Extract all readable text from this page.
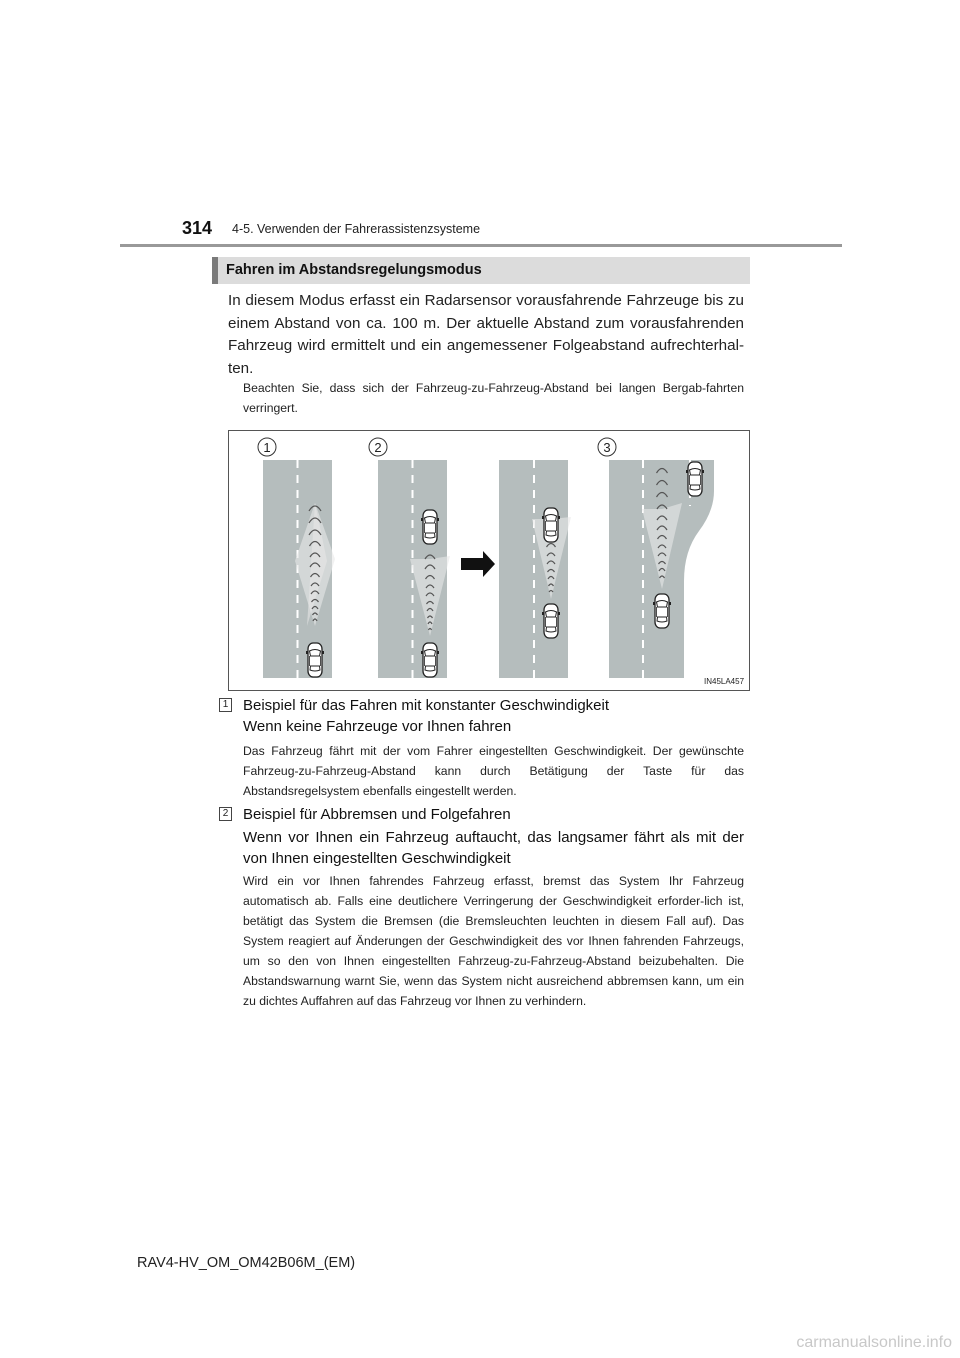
314 4-5. Verwenden der Fahrerassistenzsysteme
Fahren im Abstandsregelungsmodus
In diesem Modus erfasst ein Radarsensor vorausfahrende Fahrzeuge bis zu einem Abstand von ca. 100 m. Der aktuelle Abstand zum vorausfahrenden Fahrzeug wird ermittelt und ein angemessener Folgeabstand aufrechterhal-ten.
Beachten Sie, dass sich der Fahrzeug-zu-Fahrzeug-Abstand bei langen Bergab-fahrten verringert.
1	2	3
IN45LA457
1 Beispiel für das Fahren mit konstanter Geschwindigkeit
Wenn keine Fahrzeuge vor Ihnen fahren
Das Fahrzeug fährt mit der vom Fahrer eingestellten Geschwindigkeit. Der gewünschte Fahrzeug-zu-Fahrzeug-Abstand kann durch Betätigung der Taste für das Abstandsregelsystem ebenfalls eingestellt werden.
2 Beispiel für Abbremsen und Folgefahren
Wenn vor Ihnen ein Fahrzeug auftaucht, das langsamer fährt als mit der von Ihnen eingestellten Geschwindigkeit
Wird ein vor Ihnen fahrendes Fahrzeug erfasst, bremst das System Ihr Fahrzeug automatisch ab. Falls eine deutlichere Verringerung der Geschwindigkeit erforder-lich ist, betätigt das System die Bremsen (die Bremsleuchten leuchten in diesem Fall auf). Das System reagiert auf Änderungen der Geschwindigkeit des vor Ihnen fahrenden Fahrzeugs, um so den von Ihnen eingestellten Fahrzeug-zu-Fahrzeug-Abstand beizubehalten. Die Abstandswarnung warnt Sie, wenn das System nicht ausreichend abbremsen kann, um ein zu dichtes Auffahren auf das Fahrzeug vor Ihnen zu verhindern.
RAV4-HV_OM_OM42B06M_(EM)
carmanualsonline.info
